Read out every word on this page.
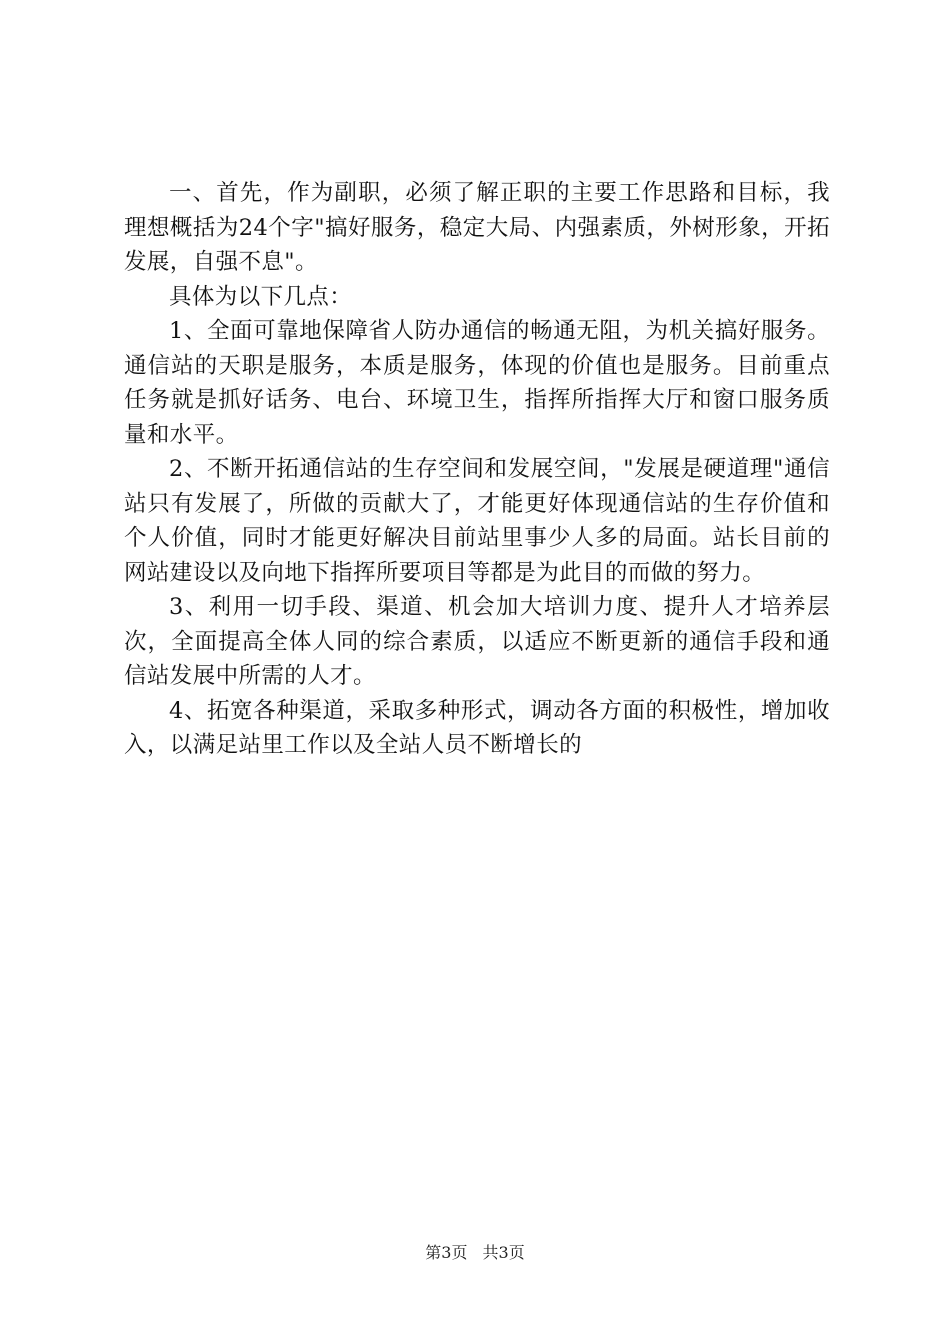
一、首先，作为副职，必须了解正职的主要工作思路和目标，我理想概括为24个字"搞好服务，稳定大局、内强素质，外树形象，开拓发展，自强不息"。

具体为以下几点：

1、全面可靠地保障省人防办通信的畅通无阻，为机关搞好服务。通信站的天职是服务，本质是服务，体现的价值也是服务。目前重点任务就是抓好话务、电台、环境卫生，指挥所指挥大厅和窗口服务质量和水平。

2、不断开拓通信站的生存空间和发展空间，"发展是硬道理"通信站只有发展了，所做的贡献大了，才能更好体现通信站的生存价值和个人价值，同时才能更好解决目前站里事少人多的局面。站长目前的网站建设以及向地下指挥所要项目等都是为此目的而做的努力。

3、利用一切手段、渠道、机会加大培训力度、提升人才培养层次，全面提高全体人同的综合素质，以适应不断更新的通信手段和通信站发展中所需的人才。

4、拓宽各种渠道，采取多种形式，调动各方面的积极性，增加收入，以满足站里工作以及全站人员不断增长的

第3页 共3页
